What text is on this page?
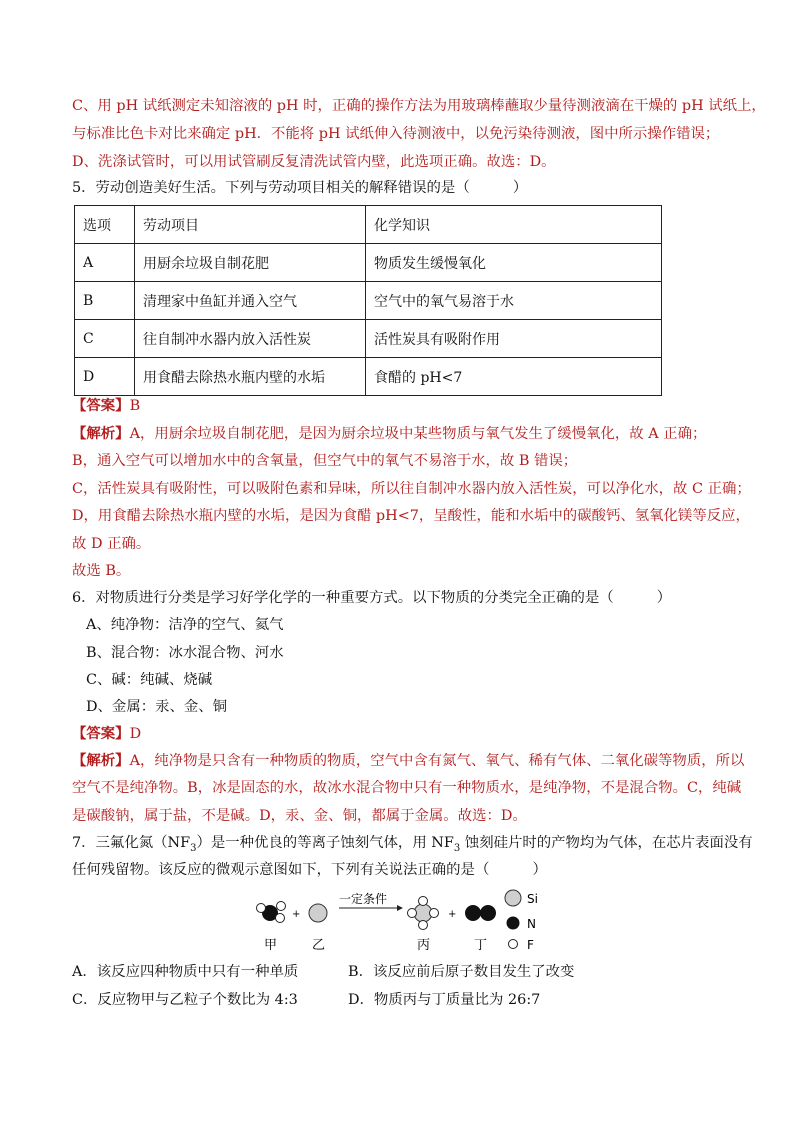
C、用 pH 试纸测定未知溶液的 pH 时，正确的操作方法为用玻璃棒蘸取少量待测液滴在干燥的 pH 试纸上，
与标准比色卡对比来确定 pH．不能将 pH 试纸伸入待测液中，以免污染待测液，图中所示操作错误；
D、洗涤试管时，可以用试管刷反复清洗试管内壁，此选项正确。故选：D。
5．劳动创造美好生活。下列与劳动项目相关的解释错误的是（　　　）
选项	劳动项目	化学知识
A	用厨余垃圾自制花肥	物质发生缓慢氧化
B	清理家中鱼缸并通入空气	空气中的氧气易溶于水
C	往自制冲水器内放入活性炭	活性炭具有吸附作用
D	用食醋去除热水瓶内壁的水垢	食醋的 pH<7
【答案】B
【解析】A，用厨余垃圾自制花肥，是因为厨余垃圾中某些物质与氧气发生了缓慢氧化，故 A 正确；
B，通入空气可以增加水中的含氧量，但空气中的氧气不易溶于水，故 B 错误；
C，活性炭具有吸附性，可以吸附色素和异味，所以往自制冲水器内放入活性炭，可以净化水，故 C 正确；
D，用食醋去除热水瓶内壁的水垢，是因为食醋 pH<7，呈酸性，能和水垢中的碳酸钙、氢氧化镁等反应，
故 D 正确。
故选 B。
6．对物质进行分类是学习好学化学的一种重要方式。以下物质的分类完全正确的是（　　　）
A、纯净物：洁净的空气、氦气
B、混合物：冰水混合物、河水
C、碱：纯碱、烧碱
D、金属：汞、金、铜
【答案】D
【解析】A，纯净物是只含有一种物质的物质，空气中含有氮气、氧气、稀有气体、二氧化碳等物质，所以
空气不是纯净物。B，冰是固态的水，故冰水混合物中只有一种物质水，是纯净物，不是混合物。C，纯碱
是碳酸钠，属于盐，不是碱。D，汞、金、铜，都属于金属。故选：D。
7．三氟化氮$(NF_3)$是一种优良的等离子蚀刻气体，用 $NF_3$ 蚀刻硅片时的产物均为气体，在芯片表面没有
任何残留物。该反应的微观示意图如下，下列有关说法正确的是（　　　）
+
一定条件
+
甲	乙	丙	丁
Si
N
F
A．该反应四种物质中只有一种单质	B．该反应前后原子数目发生了改变
C．反应物甲与乙粒子个数比为 4:3	D．物质丙与丁质量比为 26:7
